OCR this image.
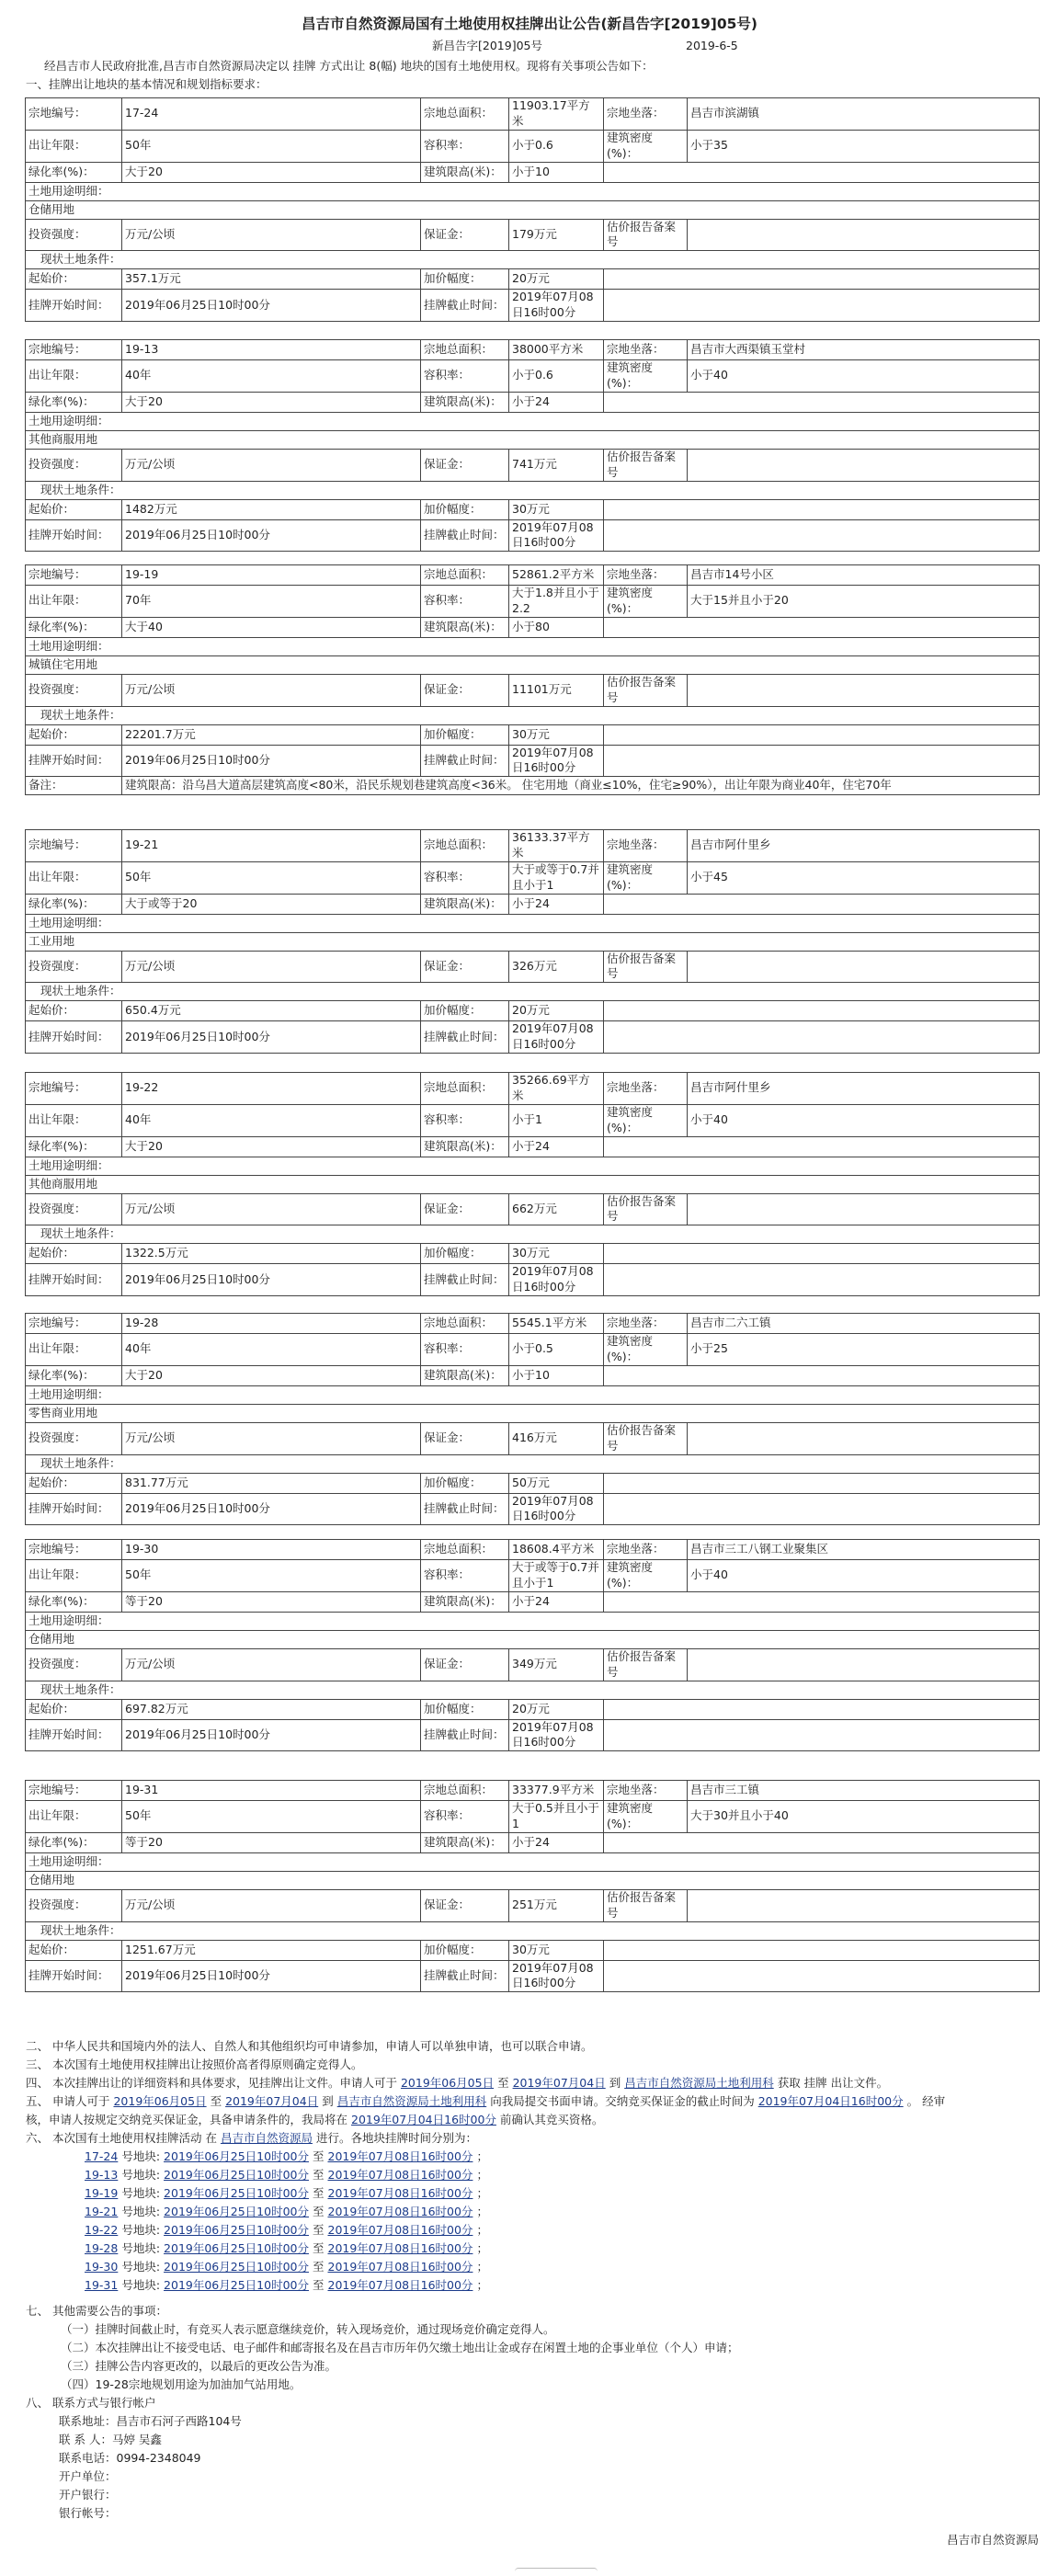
昌吉市自然资源局国有土地使用权挂牌出让公告(新昌告字[2019]05号)
新昌告字[2019]05号	2019-6-5
经昌吉市人民政府批准,昌吉市自然资源局决定以 挂牌 方式出让 8(幅) 地块的国有土地使用权。现将有关事项公告如下：
一、挂牌出让地块的基本情况和规划指标要求：
宗地编号：	17-24	宗地总面积：	11903.17平方米	宗地坐落：	昌吉市滨湖镇
出让年限：	50年	容积率：	小于0.6	建筑密度(%)：	小于35
绿化率(%)：	大于20	建筑限高(米)：	小于10		
土地用途明细：					
仓储用地					
投资强度：	万元/公顷	保证金：	179万元	估价报告备案号	
现状土地条件：					
起始价：	357.1万元	加价幅度：	20万元		
挂牌开始时间：	2019年06月25日10时00分	挂牌截止时间：	2019年07月08日16时00分		
宗地编号：	19-13	宗地总面积：	38000平方米	宗地坐落：	昌吉市大西渠镇玉堂村
出让年限：	40年	容积率：	小于0.6	建筑密度(%)：	小于40
绿化率(%)：	大于20	建筑限高(米)：	小于24		
土地用途明细：					
其他商服用地					
投资强度：	万元/公顷	保证金：	741万元	估价报告备案号	
现状土地条件：					
起始价：	1482万元	加价幅度：	30万元		
挂牌开始时间：	2019年06月25日10时00分	挂牌截止时间：	2019年07月08日16时00分		
宗地编号：	19-19	宗地总面积：	52861.2平方米	宗地坐落：	昌吉市14号小区
出让年限：	70年	容积率：	大于1.8并且小于2.2	建筑密度(%)：	大于15并且小于20
绿化率(%)：	大于40	建筑限高(米)：	小于80		
土地用途明细：					
城镇住宅用地					
投资强度：	万元/公顷	保证金：	11101万元	估价报告备案号	
现状土地条件：					
起始价：	22201.7万元	加价幅度：	30万元		
挂牌开始时间：	2019年06月25日10时00分	挂牌截止时间：	2019年07月08日16时00分		
备注：	建筑限高：沿乌昌大道高层建筑高度<80米，沿民乐规划巷建筑高度<36米。 住宅用地（商业≤10%，住宅≥90%），出让年限为商业40年，住宅70年				
宗地编号：	19-21	宗地总面积：	36133.37平方米	宗地坐落：	昌吉市阿什里乡
出让年限：	50年	容积率：	大于或等于0.7并且小于1	建筑密度(%)：	小于45
绿化率(%)：	大于或等于20	建筑限高(米)：	小于24		
土地用途明细：					
工业用地					
投资强度：	万元/公顷	保证金：	326万元	估价报告备案号	
现状土地条件：					
起始价：	650.4万元	加价幅度：	20万元		
挂牌开始时间：	2019年06月25日10时00分	挂牌截止时间：	2019年07月08日16时00分		
宗地编号：	19-22	宗地总面积：	35266.69平方米	宗地坐落：	昌吉市阿什里乡
出让年限：	40年	容积率：	小于1	建筑密度(%)：	小于40
绿化率(%)：	大于20	建筑限高(米)：	小于24		
土地用途明细：					
其他商服用地					
投资强度：	万元/公顷	保证金：	662万元	估价报告备案号	
现状土地条件：					
起始价：	1322.5万元	加价幅度：	30万元		
挂牌开始时间：	2019年06月25日10时00分	挂牌截止时间：	2019年07月08日16时00分		
宗地编号：	19-28	宗地总面积：	5545.1平方米	宗地坐落：	昌吉市二六工镇
出让年限：	40年	容积率：	小于0.5	建筑密度(%)：	小于25
绿化率(%)：	大于20	建筑限高(米)：	小于10		
土地用途明细：					
零售商业用地					
投资强度：	万元/公顷	保证金：	416万元	估价报告备案号	
现状土地条件：					
起始价：	831.77万元	加价幅度：	50万元		
挂牌开始时间：	2019年06月25日10时00分	挂牌截止时间：	2019年07月08日16时00分		
宗地编号：	19-30	宗地总面积：	18608.4平方米	宗地坐落：	昌吉市三工八钢工业聚集区
出让年限：	50年	容积率：	大于或等于0.7并且小于1	建筑密度(%)：	小于40
绿化率(%)：	等于20	建筑限高(米)：	小于24		
土地用途明细：					
仓储用地					
投资强度：	万元/公顷	保证金：	349万元	估价报告备案号	
现状土地条件：					
起始价：	697.82万元	加价幅度：	20万元		
挂牌开始时间：	2019年06月25日10时00分	挂牌截止时间：	2019年07月08日16时00分		
宗地编号：	19-31	宗地总面积：	33377.9平方米	宗地坐落：	昌吉市三工镇
出让年限：	50年	容积率：	大于0.5并且小于1	建筑密度(%)：	大于30并且小于40
绿化率(%)：	等于20	建筑限高(米)：	小于24		
土地用途明细：					
仓储用地					
投资强度：	万元/公顷	保证金：	251万元	估价报告备案号	
现状土地条件：					
起始价：	1251.67万元	加价幅度：	30万元		
挂牌开始时间：	2019年06月25日10时00分	挂牌截止时间：	2019年07月08日16时00分		
二、 中华人民共和国境内外的法人、自然人和其他组织均可申请参加，申请人可以单独申请，也可以联合申请。
三、 本次国有土地使用权挂牌出让按照价高者得原则确定竞得人。
四、 本次挂牌出让的详细资料和具体要求，见挂牌出让文件。申请人可于 2019年06月05日 至 2019年07月04日 到 昌吉市自然资源局土地利用科 获取 挂牌 出让文件。
五、 申请人可于 2019年06月05日 至 2019年07月04日 到 昌吉市自然资源局土地利用科 向我局提交书面申请。交纳竞买保证金的截止时间为 2019年07月04日16时00分 。 经审
核，申请人按规定交纳竞买保证金，具备申请条件的，我局将在 2019年07月04日16时00分 前确认其竞买资格。
六、 本次国有土地使用权挂牌活动 在 昌吉市自然资源局 进行。各地块挂牌时间分别为：
17-24 号地块: 2019年06月25日10时00分 至 2019年07月08日16时00分 ；
19-13 号地块: 2019年06月25日10时00分 至 2019年07月08日16时00分 ；
19-19 号地块: 2019年06月25日10时00分 至 2019年07月08日16时00分 ；
19-21 号地块: 2019年06月25日10时00分 至 2019年07月08日16时00分 ；
19-22 号地块: 2019年06月25日10时00分 至 2019年07月08日16时00分 ；
19-28 号地块: 2019年06月25日10时00分 至 2019年07月08日16时00分 ；
19-30 号地块: 2019年06月25日10时00分 至 2019年07月08日16时00分 ；
19-31 号地块: 2019年06月25日10时00分 至 2019年07月08日16时00分 ；
七、 其他需要公告的事项：
（一）挂牌时间截止时，有竞买人表示愿意继续竞价，转入现场竞价，通过现场竞价确定竞得人。
（二）本次挂牌出让不接受电话、电子邮件和邮寄报名及在昌吉市历年仍欠缴土地出让金或存在闲置土地的企事业单位（个人）申请；
（三）挂牌公告内容更改的，以最后的更改公告为准。
（四）19-28宗地规划用途为加油加气站用地。
八、 联系方式与银行帐户
联系地址：昌吉市石河子西路104号
联 系 人：马婷 吴鑫
联系电话：0994-2348049
开户单位：
开户银行：
银行帐号：
昌吉市自然资源局
